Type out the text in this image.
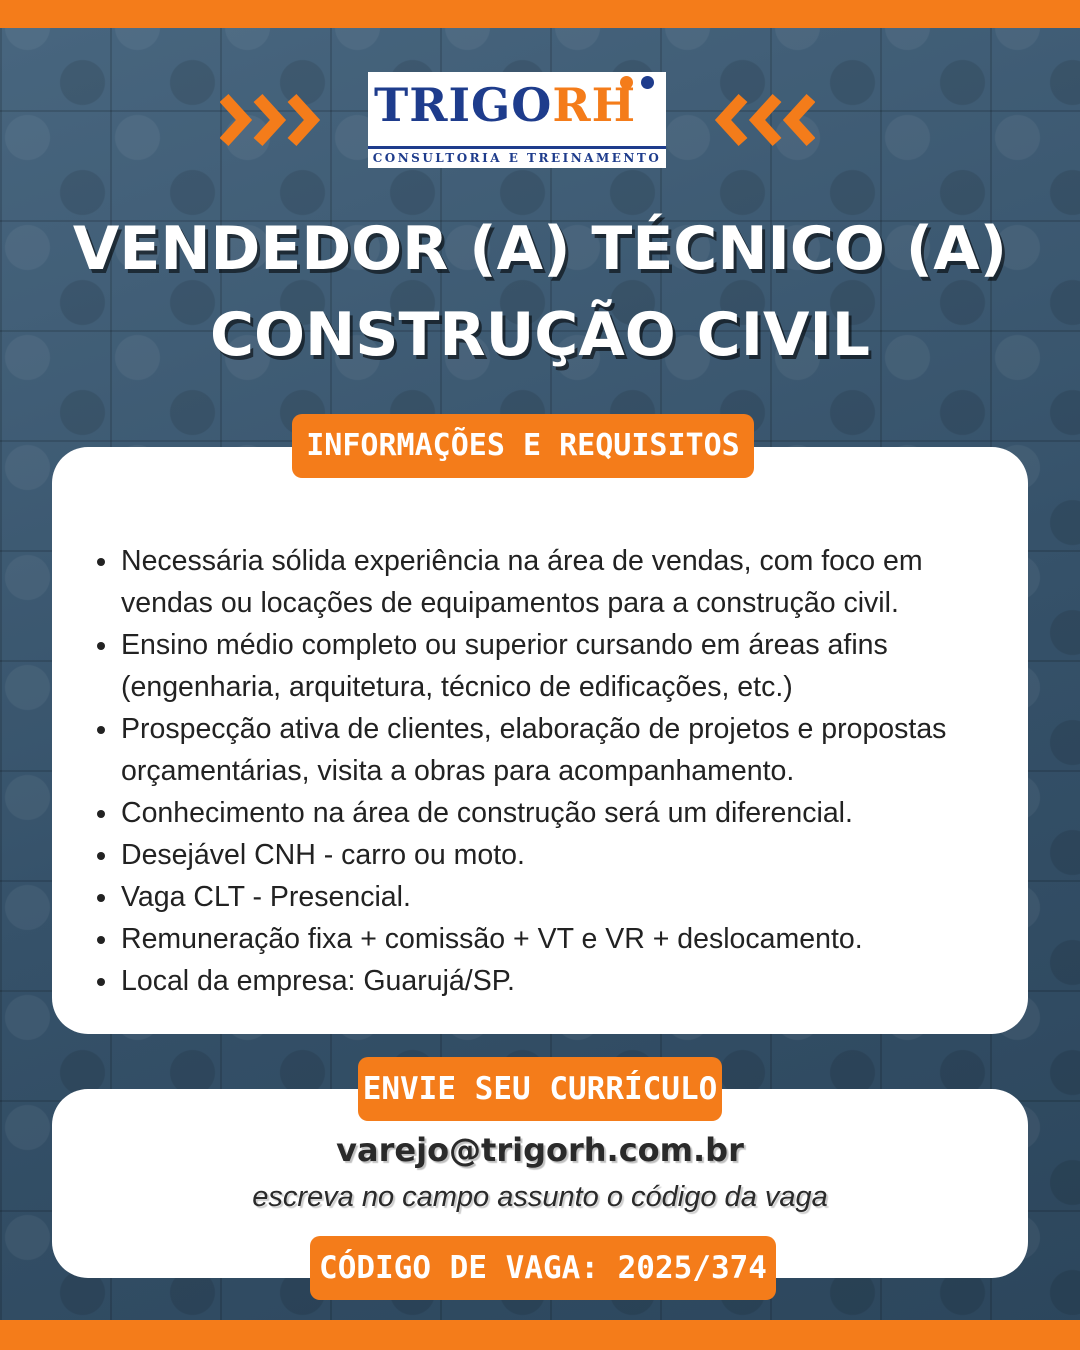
TRIGORH
CONSULTORIA E TREINAMENTO
VENDEDOR (A) TÉCNICO (A)
CONSTRUÇÃO CIVIL
Necessária sólida experiência na área de vendas, com foco em vendas ou locações de equipamentos para a construção civil.
Ensino médio completo ou superior cursando em áreas afins (engenharia, arquitetura, técnico de edificações, etc.)
Prospecção ativa de clientes, elaboração de projetos e propostas orçamentárias, visita a obras para acompanhamento.
Conhecimento na área de construção será um diferencial.
Desejável CNH - carro ou moto.
Vaga CLT - Presencial.
Remuneração fixa + comissão + VT e VR + deslocamento.
Local da empresa: Guarujá/SP.
INFORMAÇÕES E REQUISITOS
varejo@trigorh.com.br
escreva no campo assunto o código da vaga
ENVIE SEU CURRÍCULO
CÓDIGO DE VAGA: 2025/374
